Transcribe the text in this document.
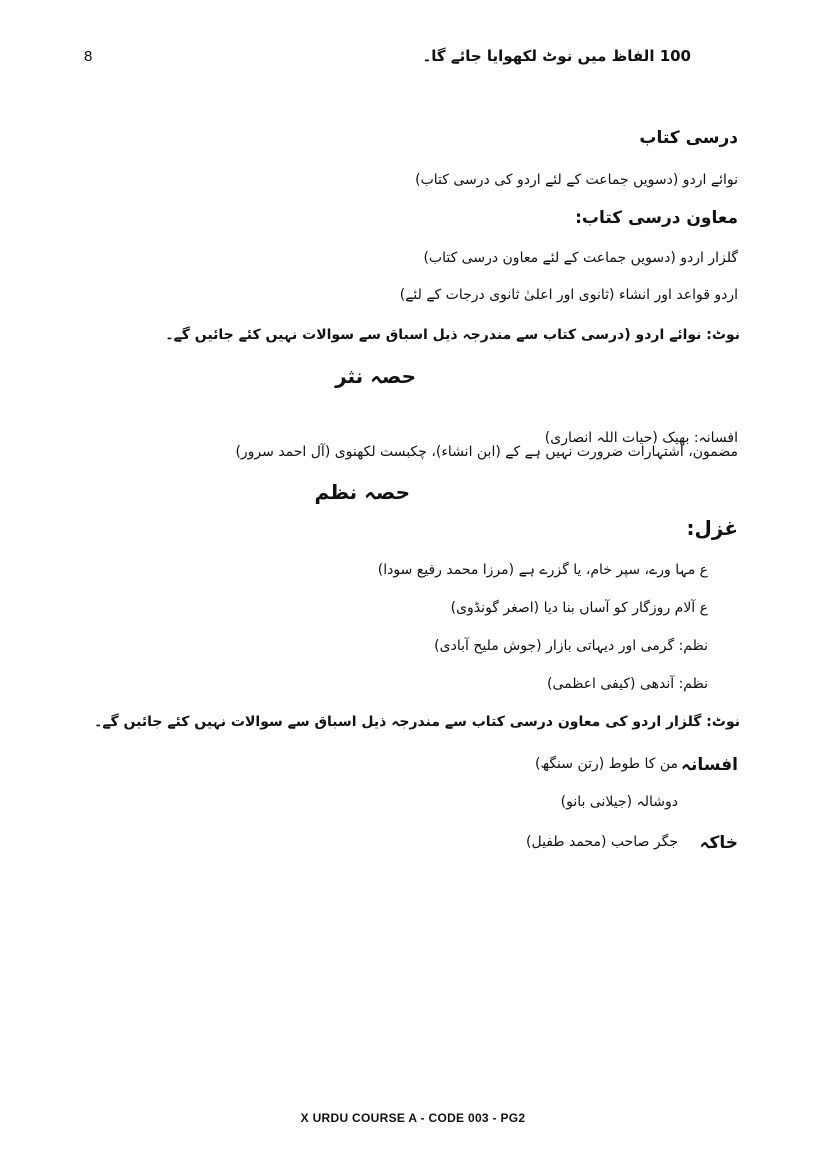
8	100 الفاظ میں نوٹ لکھوایا جائے گا۔
درسی کتاب
نوائے اردو (دسویں جماعت کے لئے اردو کی درسی کتاب)
معاون درسی کتاب:
گلزار اردو (دسویں جماعت کے لئے معاون درسی کتاب)
اردو قواعد اور انشاء (ثانوی اور اعلیٰ ثانوی درجات کے لئے)
نوٹ: نوائے اردو (درسی کتاب سے مندرجہ ذیل اسباق سے سوالات نہیں کئے جائیں گے۔
حصہ نثر
افسانہ: بھیک (حیات اللہ انصاری)
مضمون، اشتہارات ضرورت نہیں ہے کے (ابن انشاء)، چکبست لکھنوی (آل احمد سرور)
حصہ نظم
غزل:
ع مہا ورے، سپر خام، یا گزرے ہے (مرزا محمد رفیع سودا)
ع آلام روزگار کو آساں بنا دیا (اصغر گونڈوی)
نظم: گرمی اور دیہاتی بازار (جوش ملیح آبادی)
نظم: آندھی (کیفی اعظمی)
نوٹ: گلزار اردو کی معاون درسی کتاب سے مندرجہ ذیل اسباق سے سوالات نہیں کئے جائیں گے۔
افسانہ
من کا طوط (رتن سنگھ)
دوشالہ (جیلانی بانو)
خاکہ
جگر صاحب (محمد طفیل)
X URDU COURSE A - CODE 003 - PG2
